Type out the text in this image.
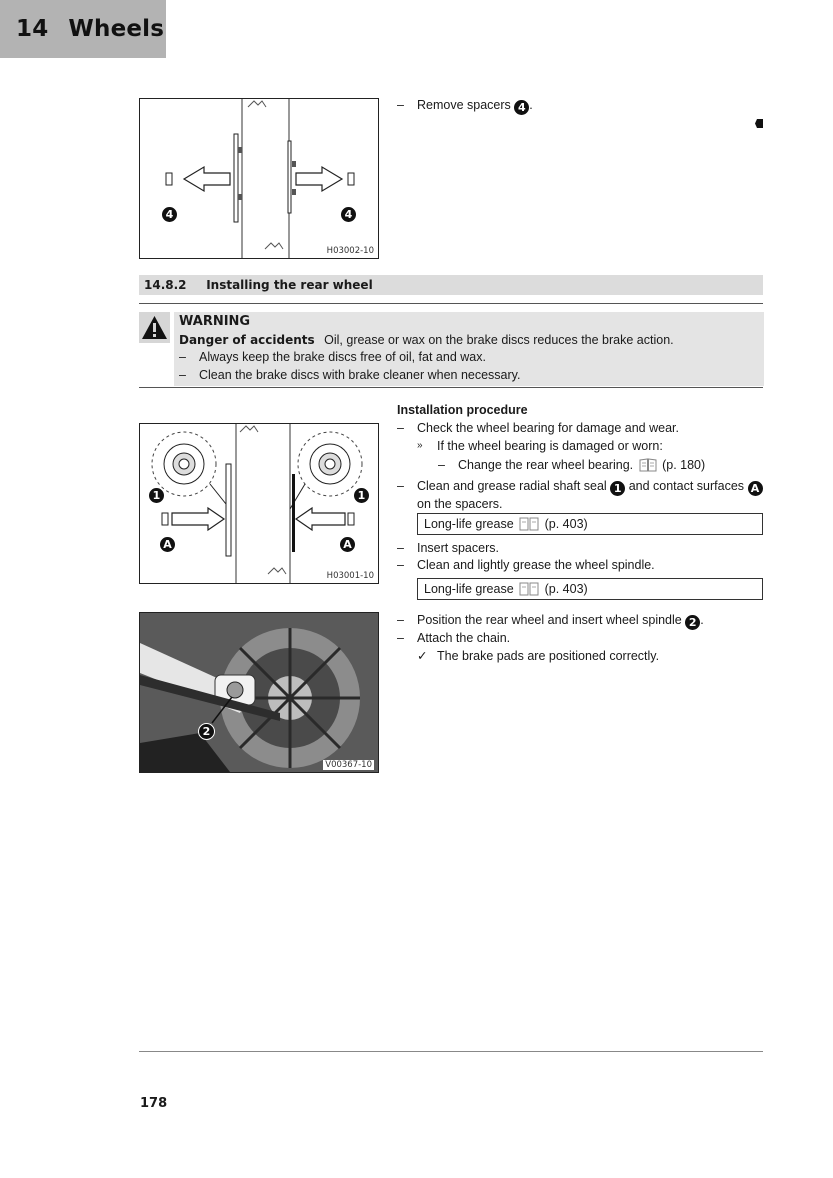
14 Wheels
4	4
H03002-10
–	Remove spacers 4 .
14.8.2 Installing the rear wheel
WARNING
Danger of accidents Oil, grease or wax on the brake discs reduces the brake action.
–	Always keep the brake discs free of oil, fat and wax.
–	Clean the brake discs with brake cleaner when necessary.
1	1
A	A
H03001-10
2
V00367-10
Installation procedure
–	Check the wheel bearing for damage and wear.
»	If the wheel bearing is damaged or worn:
–	Change the rear wheel bearing. (p. 180)
–	Clean and grease radial shaft seal 1 and contact surfaces A
on the spacers.
Long-life grease (p. 403)
–	Insert spacers.
–	Clean and lightly grease the wheel spindle.
Long-life grease (p. 403)
–	Position the rear wheel and insert wheel spindle 2 .
–	Attach the chain.
✓ The brake pads are positioned correctly.
178
